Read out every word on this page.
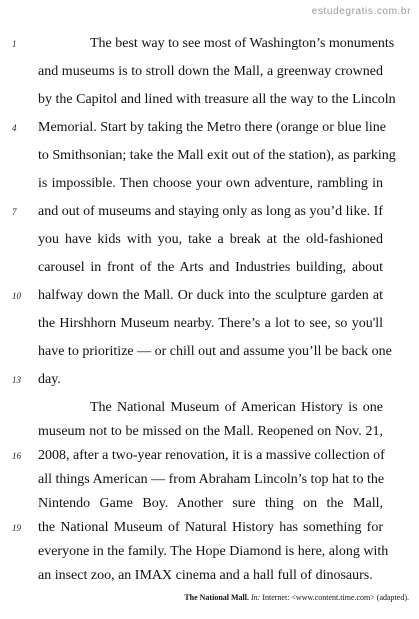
estudegratis.com.br
The best way to see most of Washington’s monuments
and museums is to stroll down the Mall, a greenway crowned
by the Capitol and lined with treasure all the way to the Lincoln
Memorial. Start by taking the Metro there (orange or blue line
to Smithsonian; take the Mall exit out of the station), as parking
is impossible. Then choose your own adventure, rambling in
and out of museums and staying only as long as you’d like. If
you have kids with you, take a break at the old-fashioned
carousel in front of the Arts and Industries building, about
halfway down the Mall. Or duck into the sculpture garden at
the Hirshhorn Museum nearby. There’s a lot to see, so you'll
have to prioritize — or chill out and assume you’ll be back one
day.
The National Museum of American History is one
museum not to be missed on the Mall. Reopened on Nov. 21,
2008, after a two-year renovation, it is a massive collection of
all things American — from Abraham Lincoln’s top hat to the
Nintendo Game Boy. Another sure thing on the Mall,
the National Museum of Natural History has something for
everyone in the family. The Hope Diamond is here, along with
an insect zoo, an IMAX cinema and a hall full of dinosaurs.
1
4
7
10
13
16
19
The National Mall. In: Internet: <www.content.time.com> (adapted).
